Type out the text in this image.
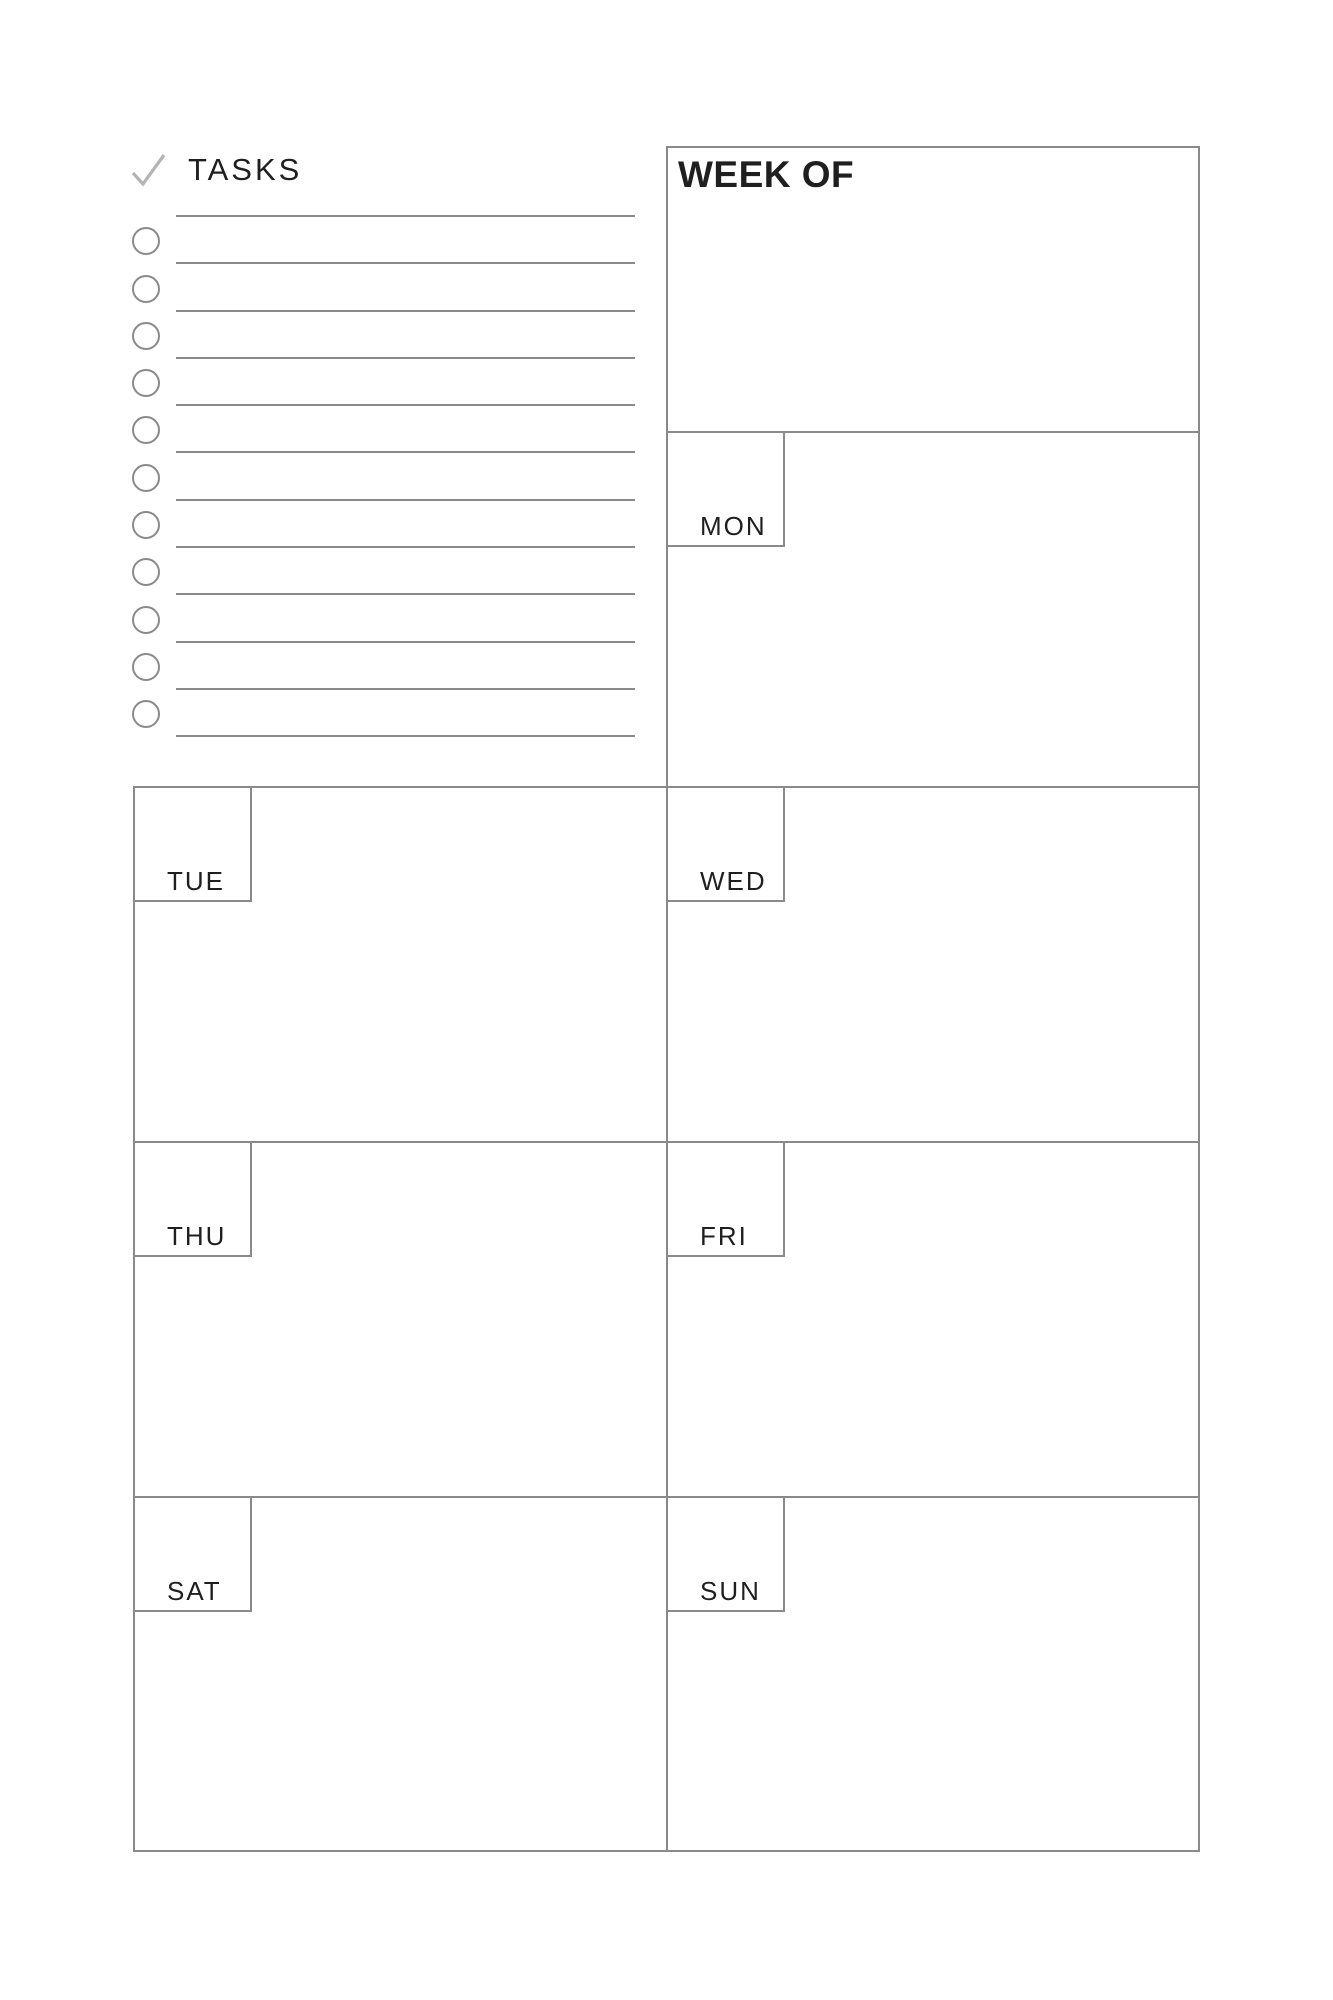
TASKS	WEEK OF
MON
TUE	WED
THU	FRI
SAT	SUN
